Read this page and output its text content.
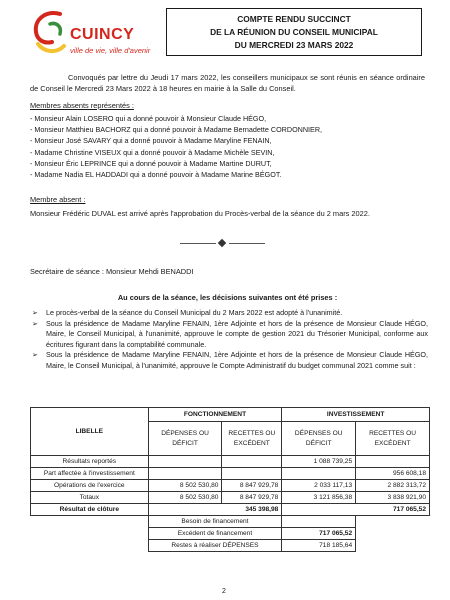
CUINCY
ville de vie, ville d'avenir
COMPTE RENDU SUCCINCT
DE LA RÉUNION DU CONSEIL MUNICIPAL
DU MERCREDI 23 MARS 2022

Convoqués par lettre du Jeudi 17 mars 2022, les conseillers municipaux se sont réunis en séance ordinaire de Conseil le Mercredi 23 Mars 2022 à 18 heures en mairie à la Salle du Conseil.

Membres absents représentés :
- Monsieur Alain LOSERO qui a donné pouvoir à Monsieur Claude HÉGO,
- Monsieur Matthieu BACHORZ qui a donné pouvoir à Madame Bernadette CORDONNIER,
- Monsieur José SAVARY qui a donné pouvoir à Madame Maryline FENAIN,
- Madame Christine VISEUX qui a donné pouvoir à Madame Michèle SEVIN,
- Monsieur Éric LEPRINCE qui a donné pouvoir à Madame Martine DURUT,
- Madame Nadia EL HADDADI qui a donné pouvoir à Madame Marine BÉGOT.
Membre absent :

Monsieur Frédéric DUVAL est arrivé après l'approbation du Procès-verbal de la séance du 2 mars 2022.

Secrétaire de séance : Monsieur Mehdi BENADDI
Au cours de la séance, les décisions suivantes ont été prises :
➢ Le procès-verbal de la séance du Conseil Municipal du 2 Mars 2022 est adopté à l'unanimité.
➢ Sous la présidence de Madame Maryline FENAIN, 1ère Adjointe et hors de la présence de Monsieur Claude HÉGO, Maire, le Conseil Municipal, à l'unanimité, approuve le compte de gestion 2021 du Trésorier Municipal, conforme aux écritures figurant dans la comptabilité communale.
➢ Sous la présidence de Madame Maryline FENAIN, 1ère Adjointe et hors de la présence de Monsieur Claude HÉGO, Maire, le Conseil Municipal, à l'unanimité, approuve le Compte Administratif du budget communal 2021 comme suit :
LIBELLE	FONCTIONNEMENT		INVESTISSEMENT	
	DÉPENSES OU DÉFICIT	RECETTES OU EXCÉDENT	DÉPENSES OU DÉFICIT	RECETTES OU EXCÉDENT
Résultats reportés			1 088 739,25	
Part affectée à l'investissement				956 608,18
Opérations de l'exercice	8 502 530,80	8 847 929,78	2 033 117,13	2 882 313,72
Totaux	8 502 530,80	8 847 929,78	3 121 856,38	3 838 921,90
Résultat de clôture	345 398,98		717 065,52	
	Besoin de financement			
	Excédent de financement		717 065,52	
	Restes à réaliser DÉPENSES		718 185,64	
2
